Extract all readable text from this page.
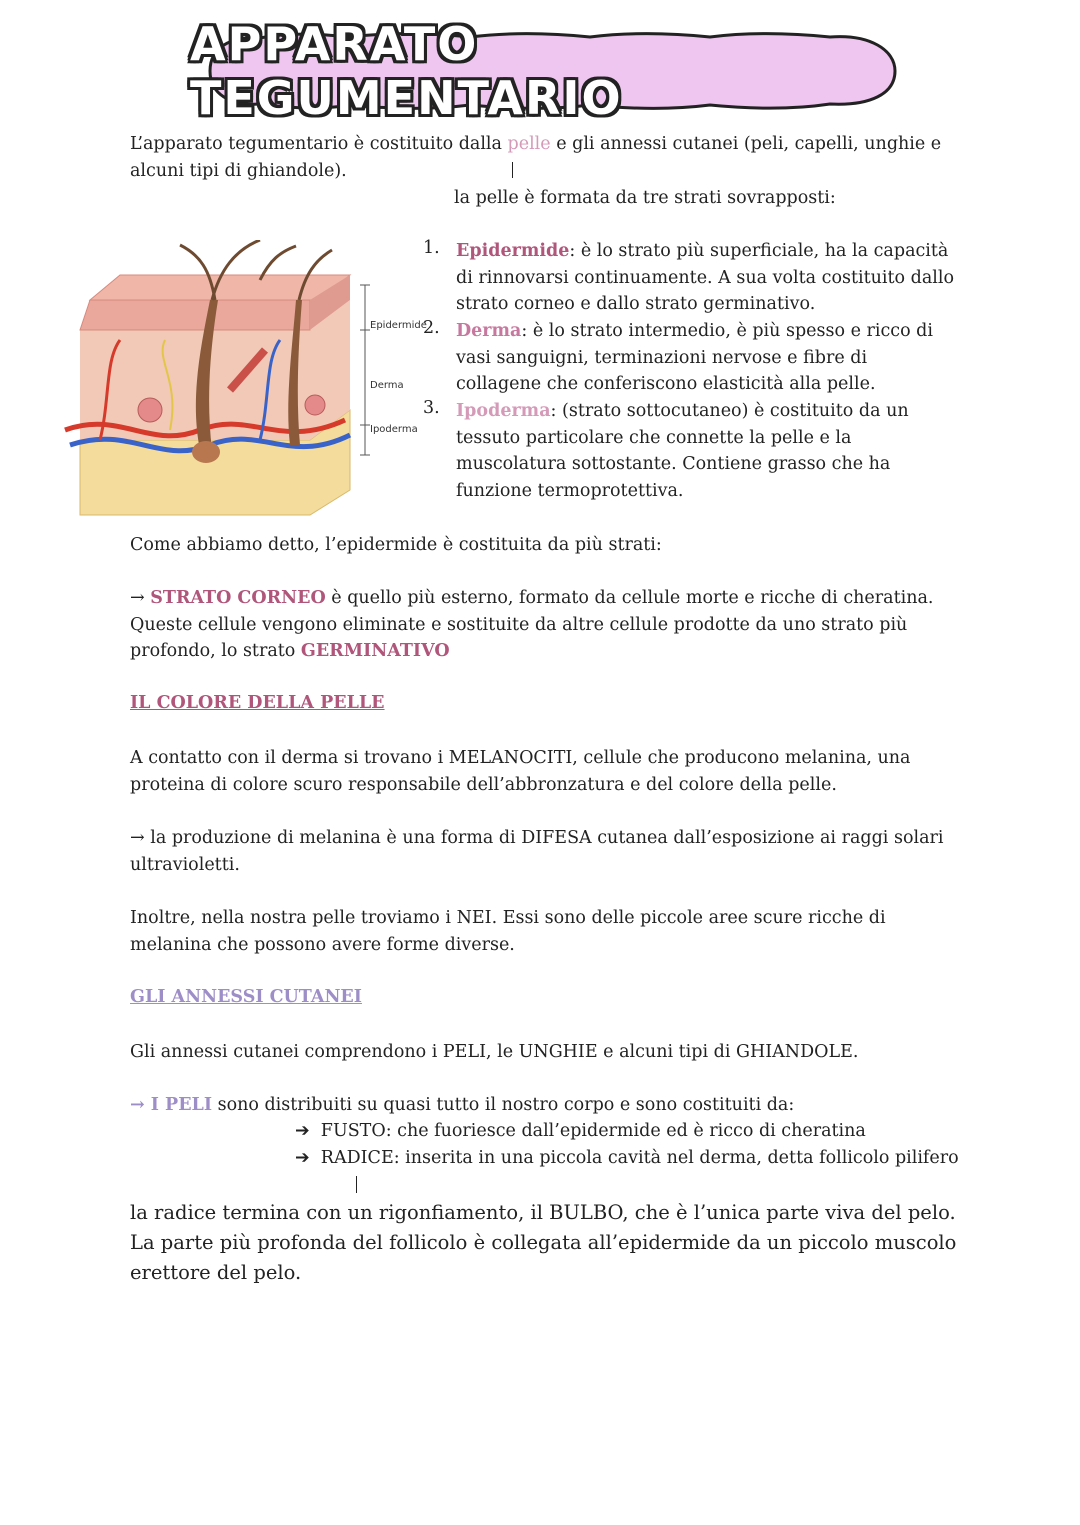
APPARATO TEGUMENTARIO
L’apparato tegumentario è costituito dalla pelle e gli annessi cutanei (peli, capelli, unghie e alcuni tipi di ghiandole).
la pelle è formata da tre strati sovrapposti:
Epidermide
Derma
Ipoderma
1. Epidermide: è lo strato più superficiale, ha la capacità di rinnovarsi continuamente. A sua volta costituito dallo strato corneo e dallo strato germinativo.
2. Derma: è lo strato intermedio, è più spesso e ricco di vasi sanguigni, terminazioni nervose e fibre di collagene che conferiscono elasticità alla pelle.
3. Ipoderma: (strato sottocutaneo) è costituito da un tessuto particolare che connette la pelle e la muscolatura sottostante. Contiene grasso che ha funzione termoprotettiva.
Come abbiamo detto, l’epidermide è costituita da più strati:
→ STRATO CORNEO è quello più esterno, formato da cellule morte e ricche di cheratina. Queste cellule vengono eliminate e sostituite da altre cellule prodotte da uno strato più profondo, lo strato GERMINATIVO
IL COLORE DELLA PELLE
A contatto con il derma si trovano i MELANOCITI, cellule che producono melanina, una proteina di colore scuro responsabile dell’abbronzatura e del colore della pelle.
→ la produzione di melanina è una forma di DIFESA cutanea dall’esposizione ai raggi solari ultravioletti.
Inoltre, nella nostra pelle troviamo i NEI. Essi sono delle piccole aree scure ricche di melanina che possono avere forme diverse.
GLI ANNESSI CUTANEI
Gli annessi cutanei comprendono i PELI, le UNGHIE e alcuni tipi di GHIANDOLE.
→ I PELI sono distribuiti su quasi tutto il nostro corpo e sono costituiti da:
➔  FUSTO: che fuoriesce dall’epidermide ed è ricco di cheratina
➔  RADICE: inserita in una piccola cavità nel derma, detta follicolo pilifero
la radice termina con un rigonfiamento, il BULBO, che è l’unica parte viva del pelo. La parte più profonda del follicolo è collegata all’epidermide da un piccolo muscolo erettore del pelo.
